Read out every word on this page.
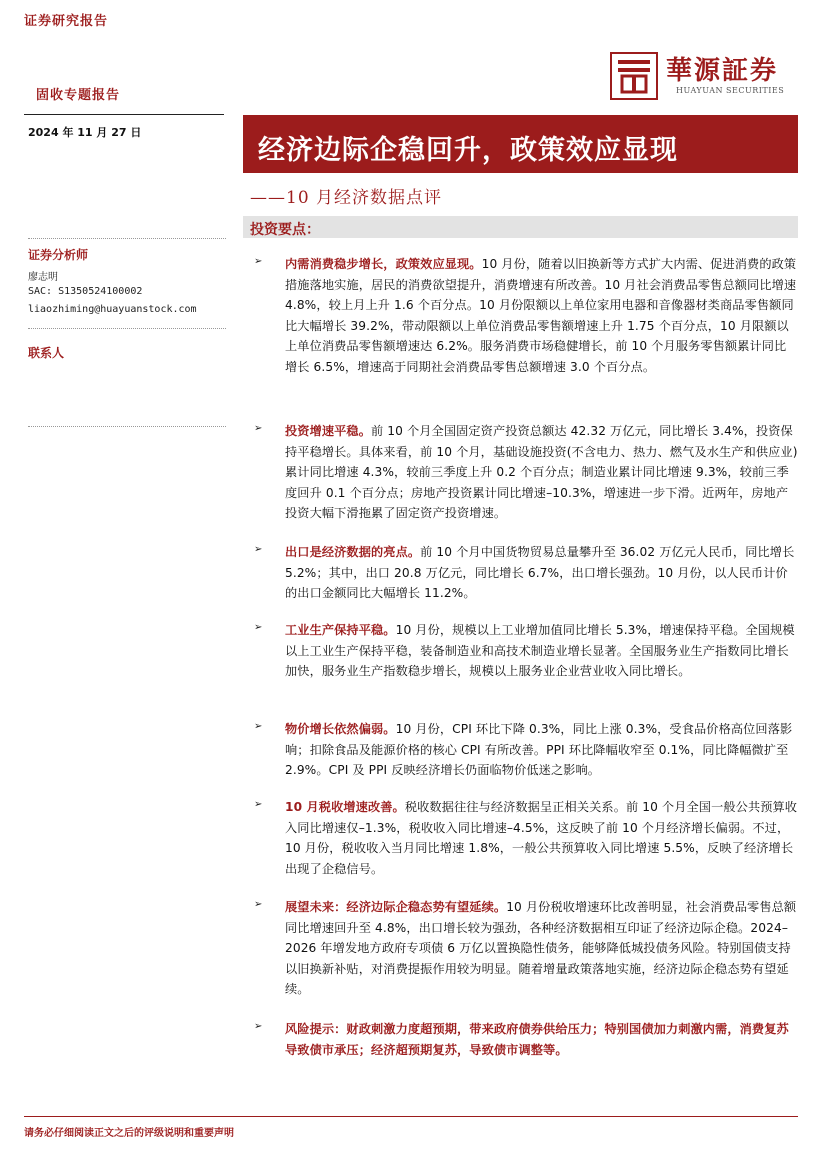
证券研究报告
固收专题报告
2024 年 11 月 27 日
華源証券
HUAYUAN SECURITIES
经济边际企稳回升，政策效应显现
——10 月经济数据点评
投资要点：
证券分析师
廖志明
SAC: S1350524100002
liaozhiming@huayuanstock.com
联系人
➢ 内需消费稳步增长，政策效应显现。10 月份，随着以旧换新等方式扩大内需、促进消费的政策措施落地实施，居民的消费欲望提升，消费增速有所改善。10 月社会消费品零售总额同比增速 4.8%，较上月上升 1.6 个百分点。10 月份限额以上单位家用电器和音像器材类商品零售额同比大幅增长 39.2%，带动限额以上单位消费品零售额增速上升 1.75 个百分点，10 月限额以上单位消费品零售额增速达 6.2%。服务消费市场稳健增长，前 10 个月服务零售额累计同比增长 6.5%，增速高于同期社会消费品零售总额增速 3.0 个百分点。
➢ 投资增速平稳。前 10 个月全国固定资产投资总额达 42.32 万亿元，同比增长 3.4%，投资保持平稳增长。具体来看，前 10 个月，基础设施投资(不含电力、热力、燃气及水生产和供应业)累计同比增速 4.3%，较前三季度上升 0.2 个百分点；制造业累计同比增速 9.3%，较前三季度回升 0.1 个百分点；房地产投资累计同比增速–10.3%，增速进一步下滑。近两年，房地产投资大幅下滑拖累了固定资产投资增速。
➢ 出口是经济数据的亮点。前 10 个月中国货物贸易总量攀升至 36.02 万亿元人民币，同比增长 5.2%；其中，出口 20.8 万亿元，同比增长 6.7%，出口增长强劲。10 月份，以人民币计价的出口金额同比大幅增长 11.2%。
➢ 工业生产保持平稳。10 月份，规模以上工业增加值同比增长 5.3%，增速保持平稳。全国规模以上工业生产保持平稳，装备制造业和高技术制造业增长显著。全国服务业生产指数同比增长加快，服务业生产指数稳步增长，规模以上服务业企业营业收入同比增长。
➢ 物价增长依然偏弱。10 月份，CPI 环比下降 0.3%，同比上涨 0.3%，受食品价格高位回落影响；扣除食品及能源价格的核心 CPI 有所改善。PPI 环比降幅收窄至 0.1%，同比降幅微扩至 2.9%。CPI 及 PPI 反映经济增长仍面临物价低迷之影响。
➢ 10 月税收增速改善。税收数据往往与经济数据呈正相关关系。前 10 个月全国一般公共预算收入同比增速仅–1.3%，税收收入同比增速–4.5%，这反映了前 10 个月经济增长偏弱。不过，10 月份，税收收入当月同比增速 1.8%，一般公共预算收入同比增速 5.5%，反映了经济增长出现了企稳信号。
➢ 展望未来：经济边际企稳态势有望延续。10 月份税收增速环比改善明显，社会消费品零售总额同比增速回升至 4.8%，出口增长较为强劲，各种经济数据相互印证了经济边际企稳。2024–2026 年增发地方政府专项债 6 万亿以置换隐性债务，能够降低城投债务风险。特别国债支持以旧换新补贴，对消费提振作用较为明显。随着增量政策落地实施，经济边际企稳态势有望延续。
➢ 风险提示：财政刺激力度超预期，带来政府债券供给压力；特别国债加力刺激内需，消费复苏导致债市承压；经济超预期复苏，导致债市调整等。
请务必仔细阅读正文之后的评级说明和重要声明
